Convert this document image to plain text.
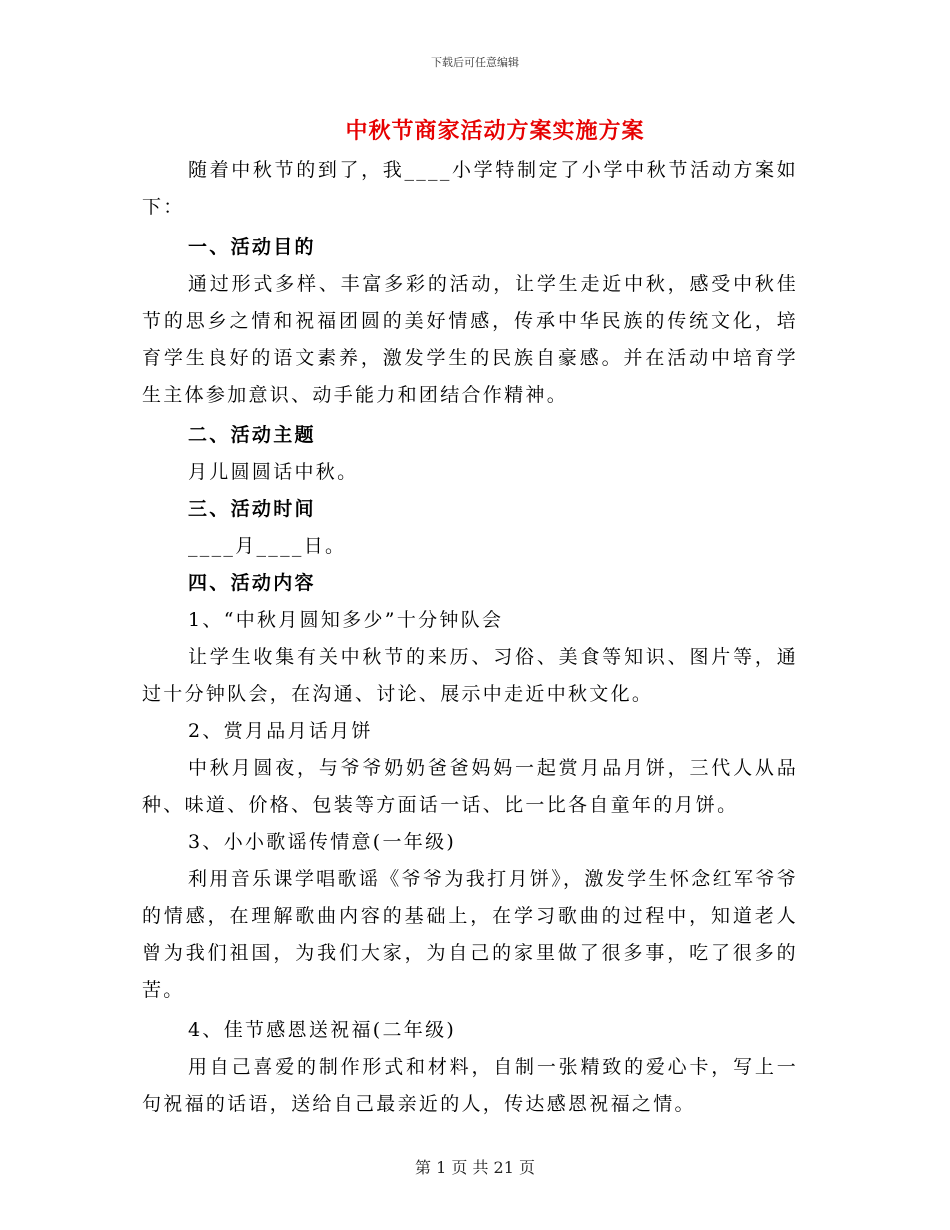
下载后可任意编辑
中秋节商家活动方案实施方案

随着中秋节的到了，我____小学特制定了小学中秋节活动方案如下：

一、活动目的

通过形式多样、丰富多彩的活动，让学生走近中秋，感受中秋佳节的思乡之情和祝福团圆的美好情感，传承中华民族的传统文化，培育学生良好的语文素养，激发学生的民族自豪感。并在活动中培育学生主体参加意识、动手能力和团结合作精神。

二、活动主题

月儿圆圆话中秋。

三、活动时间

____月____日。

四、活动内容

1、“中秋月圆知多少”十分钟队会

让学生收集有关中秋节的来历、习俗、美食等知识、图片等，通过十分钟队会，在沟通、讨论、展示中走近中秋文化。

2、赏月品月话月饼

中秋月圆夜，与爷爷奶奶爸爸妈妈一起赏月品月饼，三代人从品种、味道、价格、包装等方面话一话、比一比各自童年的月饼。

3、小小歌谣传情意(一年级)

利用音乐课学唱歌谣《爷爷为我打月饼》，激发学生怀念红军爷爷的情感，在理解歌曲内容的基础上，在学习歌曲的过程中，知道老人曾为我们祖国，为我们大家，为自己的家里做了很多事，吃了很多的苦。

4、佳节感恩送祝福(二年级)

用自己喜爱的制作形式和材料，自制一张精致的爱心卡，写上一句祝福的话语，送给自己最亲近的人，传达感恩祝福之情。

第 1 页 共 21 页
